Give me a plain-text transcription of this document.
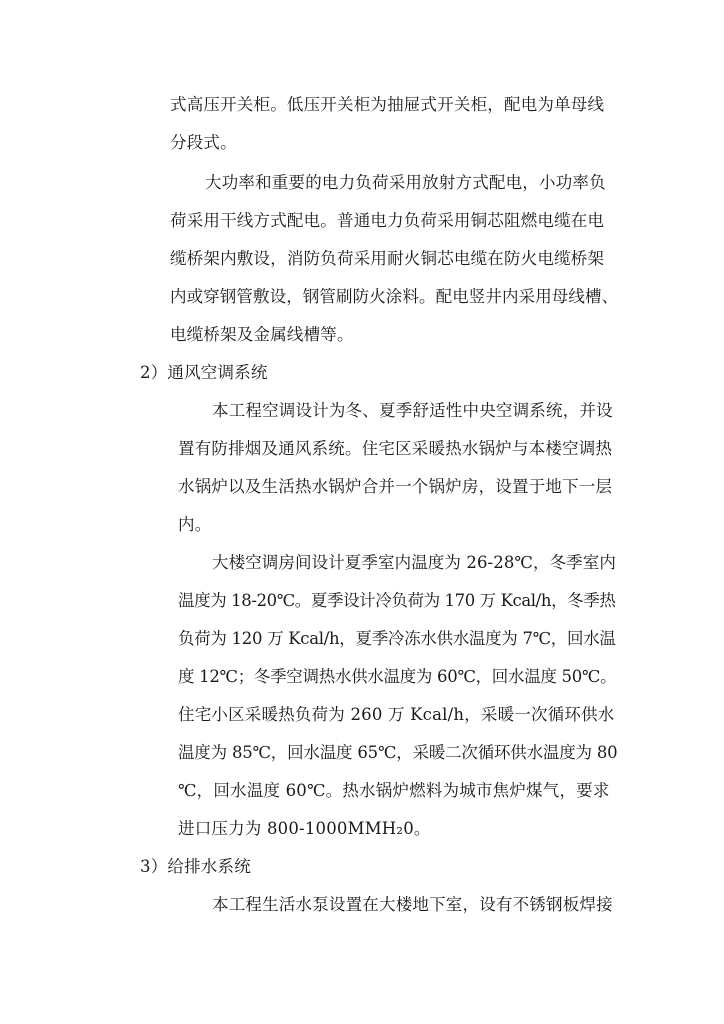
式高压开关柜。低压开关柜为抽屉式开关柜，配电为单母线
分段式。
大功率和重要的电力负荷采用放射方式配电，小功率负
荷采用干线方式配电。普通电力负荷采用铜芯阻燃电缆在电
缆桥架内敷设，消防负荷采用耐火铜芯电缆在防火电缆桥架
内或穿钢管敷设，钢管刷防火涂料。配电竖井内采用母线槽、
电缆桥架及金属线槽等。
2）通风空调系统
本工程空调设计为冬、夏季舒适性中央空调系统，并设
置有防排烟及通风系统。住宅区采暖热水锅炉与本楼空调热
水锅炉以及生活热水锅炉合并一个锅炉房，设置于地下一层
内。
大楼空调房间设计夏季室内温度为 26-28℃，冬季室内
温度为 18-20℃。夏季设计冷负荷为 170 万 Kcal/h，冬季热
负荷为 120 万 Kcal/h，夏季冷冻水供水温度为 7℃，回水温
度 12℃；冬季空调热水供水温度为 60℃，回水温度 50℃。
住宅小区采暖热负荷为 260 万 Kcal/h，采暖一次循环供水
温度为 85℃，回水温度 65℃，采暖二次循环供水温度为 80
℃，回水温度 60℃。热水锅炉燃料为城市焦炉煤气，要求
进口压力为 800-1000MMH₂0。
3）给排水系统
本工程生活水泵设置在大楼地下室，设有不锈钢板焊接
